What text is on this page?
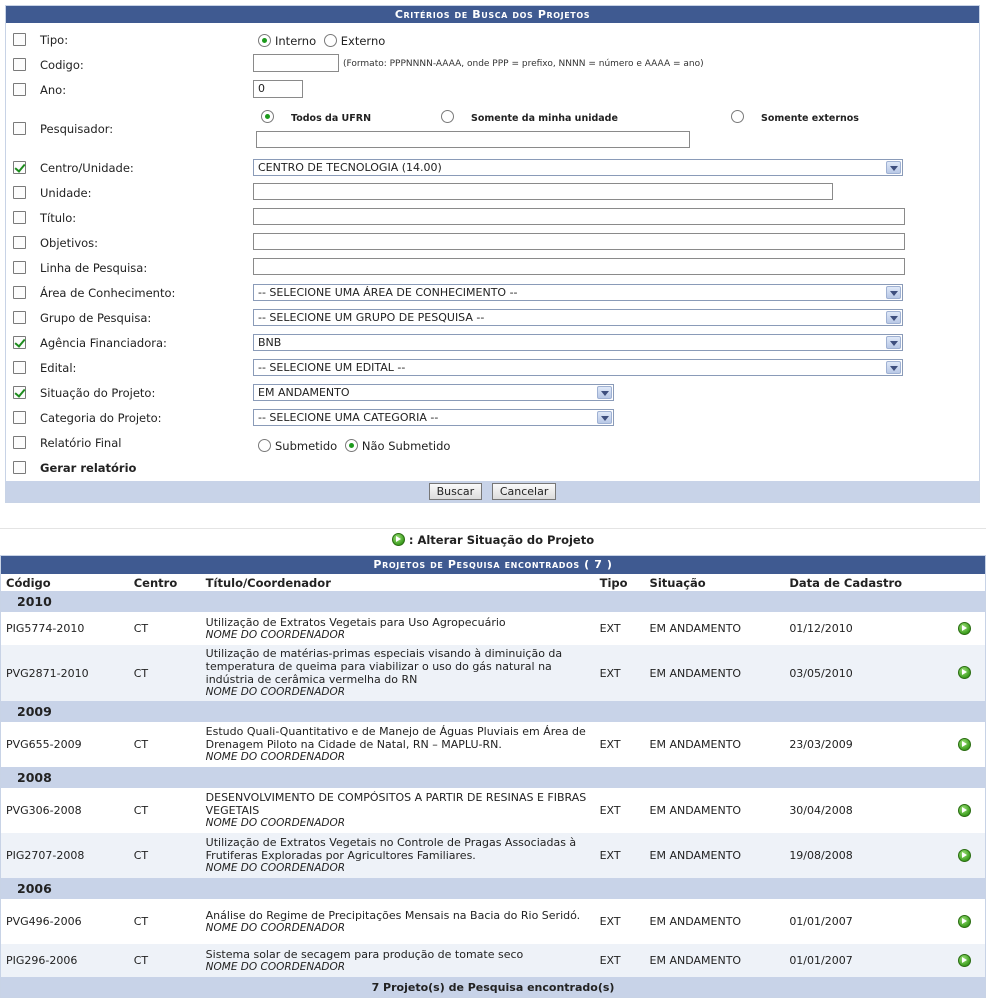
Critérios de Busca dos Projetos
Tipo:	Interno Externo
Codigo:	(Formato: PPPNNNN-AAAA, onde PPP = prefixo, NNNN = número e AAAA = ano)
Ano:	0
Pesquisador:
Todos da UFRN	Somente da minha unidade	Somente externos
Centro/Unidade:	CENTRO DE TECNOLOGIA (14.00)
Unidade:
Título:
Objetivos:
Linha de Pesquisa:
Área de Conhecimento:	-- SELECIONE UMA ÁREA DE CONHECIMENTO --
Grupo de Pesquisa:	-- SELECIONE UM GRUPO DE PESQUISA --
Agência Financiadora:	BNB
Edital:	-- SELECIONE UM EDITAL --
Situação do Projeto:	EM ANDAMENTO
Categoria do Projeto:	-- SELECIONE UMA CATEGORIA --
Relatório Final	Submetido Não Submetido
Gerar relatório
Buscar Cancelar
: Alterar Situação do Projeto
Projetos de Pesquisa encontrados ( 7 )
Código	Centro	Título/Coordenador	Tipo	Situação	Data de Cadastro	
2010						
PIG5774-2010	CT	Utilização de Extratos Vegetais para Uso Agropecuário
NOME DO COORDENADOR	EXT	EM ANDAMENTO	01/12/2010	
PVG2871-2010	CT	Utilização de matérias-primas especiais visando à diminuição da temperatura de queima para viabilizar o uso do gás natural na indústria de cerâmica vermelha do RN
NOME DO COORDENADOR	EXT	EM ANDAMENTO	03/05/2010	
2009						
PVG655-2009	CT	Estudo Quali-Quantitativo e de Manejo de Águas Pluviais em Área de Drenagem Piloto na Cidade de Natal, RN – MAPLU-RN.
NOME DO COORDENADOR	EXT	EM ANDAMENTO	23/03/2009	
2008						
PVG306-2008	CT	DESENVOLVIMENTO DE COMPÓSITOS A PARTIR DE RESINAS E FIBRAS VEGETAIS
NOME DO COORDENADOR	EXT	EM ANDAMENTO	30/04/2008	
PIG2707-2008	CT	Utilização de Extratos Vegetais no Controle de Pragas Associadas à Frutiferas Exploradas por Agricultores Familiares.
NOME DO COORDENADOR	EXT	EM ANDAMENTO	19/08/2008	
2006						
PVG496-2006	CT	Análise do Regime de Precipitações Mensais na Bacia do Rio Seridó.
NOME DO COORDENADOR	EXT	EM ANDAMENTO	01/01/2007	
PIG296-2006	CT	Sistema solar de secagem para produção de tomate seco
NOME DO COORDENADOR	EXT	EM ANDAMENTO	01/01/2007	
7 Projeto(s) de Pesquisa encontrado(s)						
